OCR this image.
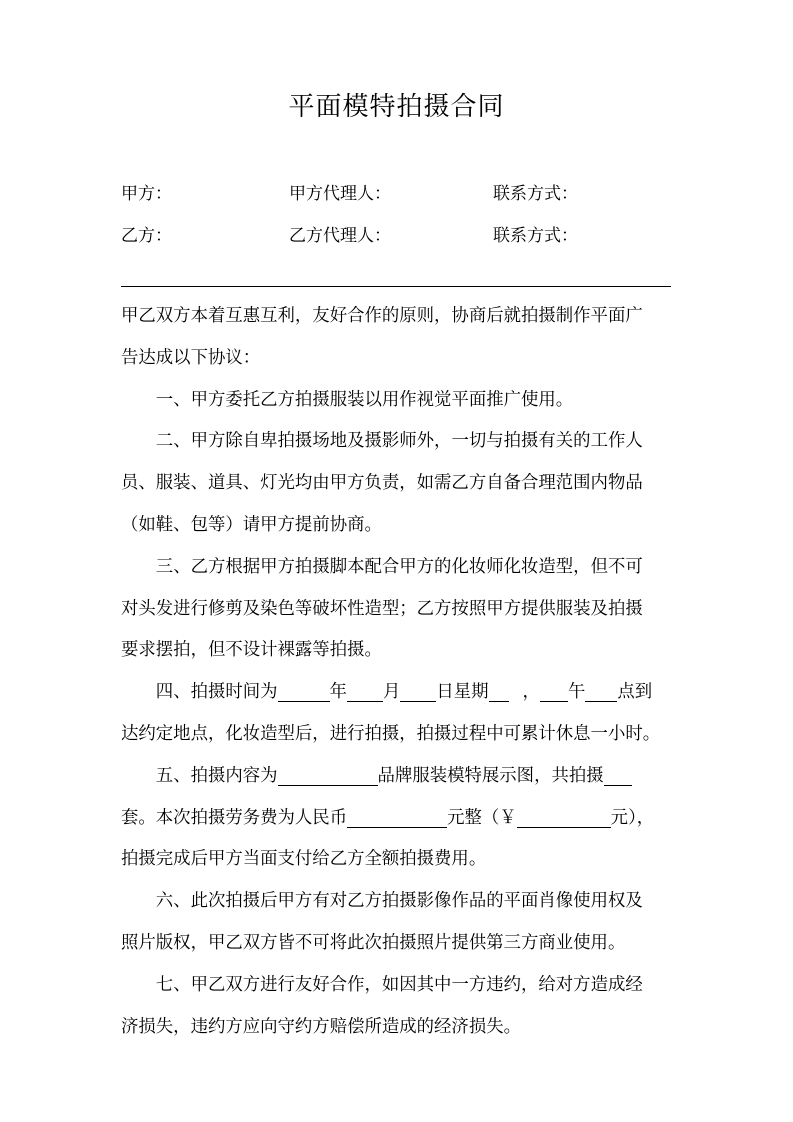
平面模特拍摄合同
甲方：	甲方代理人：	联系方式：
乙方：	乙方代理人：	联系方式：
甲乙双方本着互惠互利，友好合作的原则，协商后就拍摄制作平面广
告达成以下协议：
一、甲方委托乙方拍摄服装以用作视觉平面推广使用。
二、甲方除自卑拍摄场地及摄影师外，一切与拍摄有关的工作人
员、服装、道具、灯光均由甲方负责，如需乙方自备合理范围内物品
（如鞋、包等）请甲方提前协商。
三、乙方根据甲方拍摄脚本配合甲方的化妆师化妆造型，但不可
对头发进行修剪及染色等破坏性造型；乙方按照甲方提供服装及拍摄
要求摆拍，但不设计裸露等拍摄。
四、拍摄时间为	年 月 日星期 ， 午 点到
达约定地点，化妆造型后，进行拍摄，拍摄过程中可累计休息一小时。
五、拍摄内容为	品牌服装模特展示图，共拍摄
套。本次拍摄劳务费为人民币	元整（￥	元），
拍摄完成后甲方当面支付给乙方全额拍摄费用。
六、此次拍摄后甲方有对乙方拍摄影像作品的平面肖像使用权及
照片版权，甲乙双方皆不可将此次拍摄照片提供第三方商业使用。
七、甲乙双方进行友好合作，如因其中一方违约，给对方造成经
济损失，违约方应向守约方赔偿所造成的经济损失。
